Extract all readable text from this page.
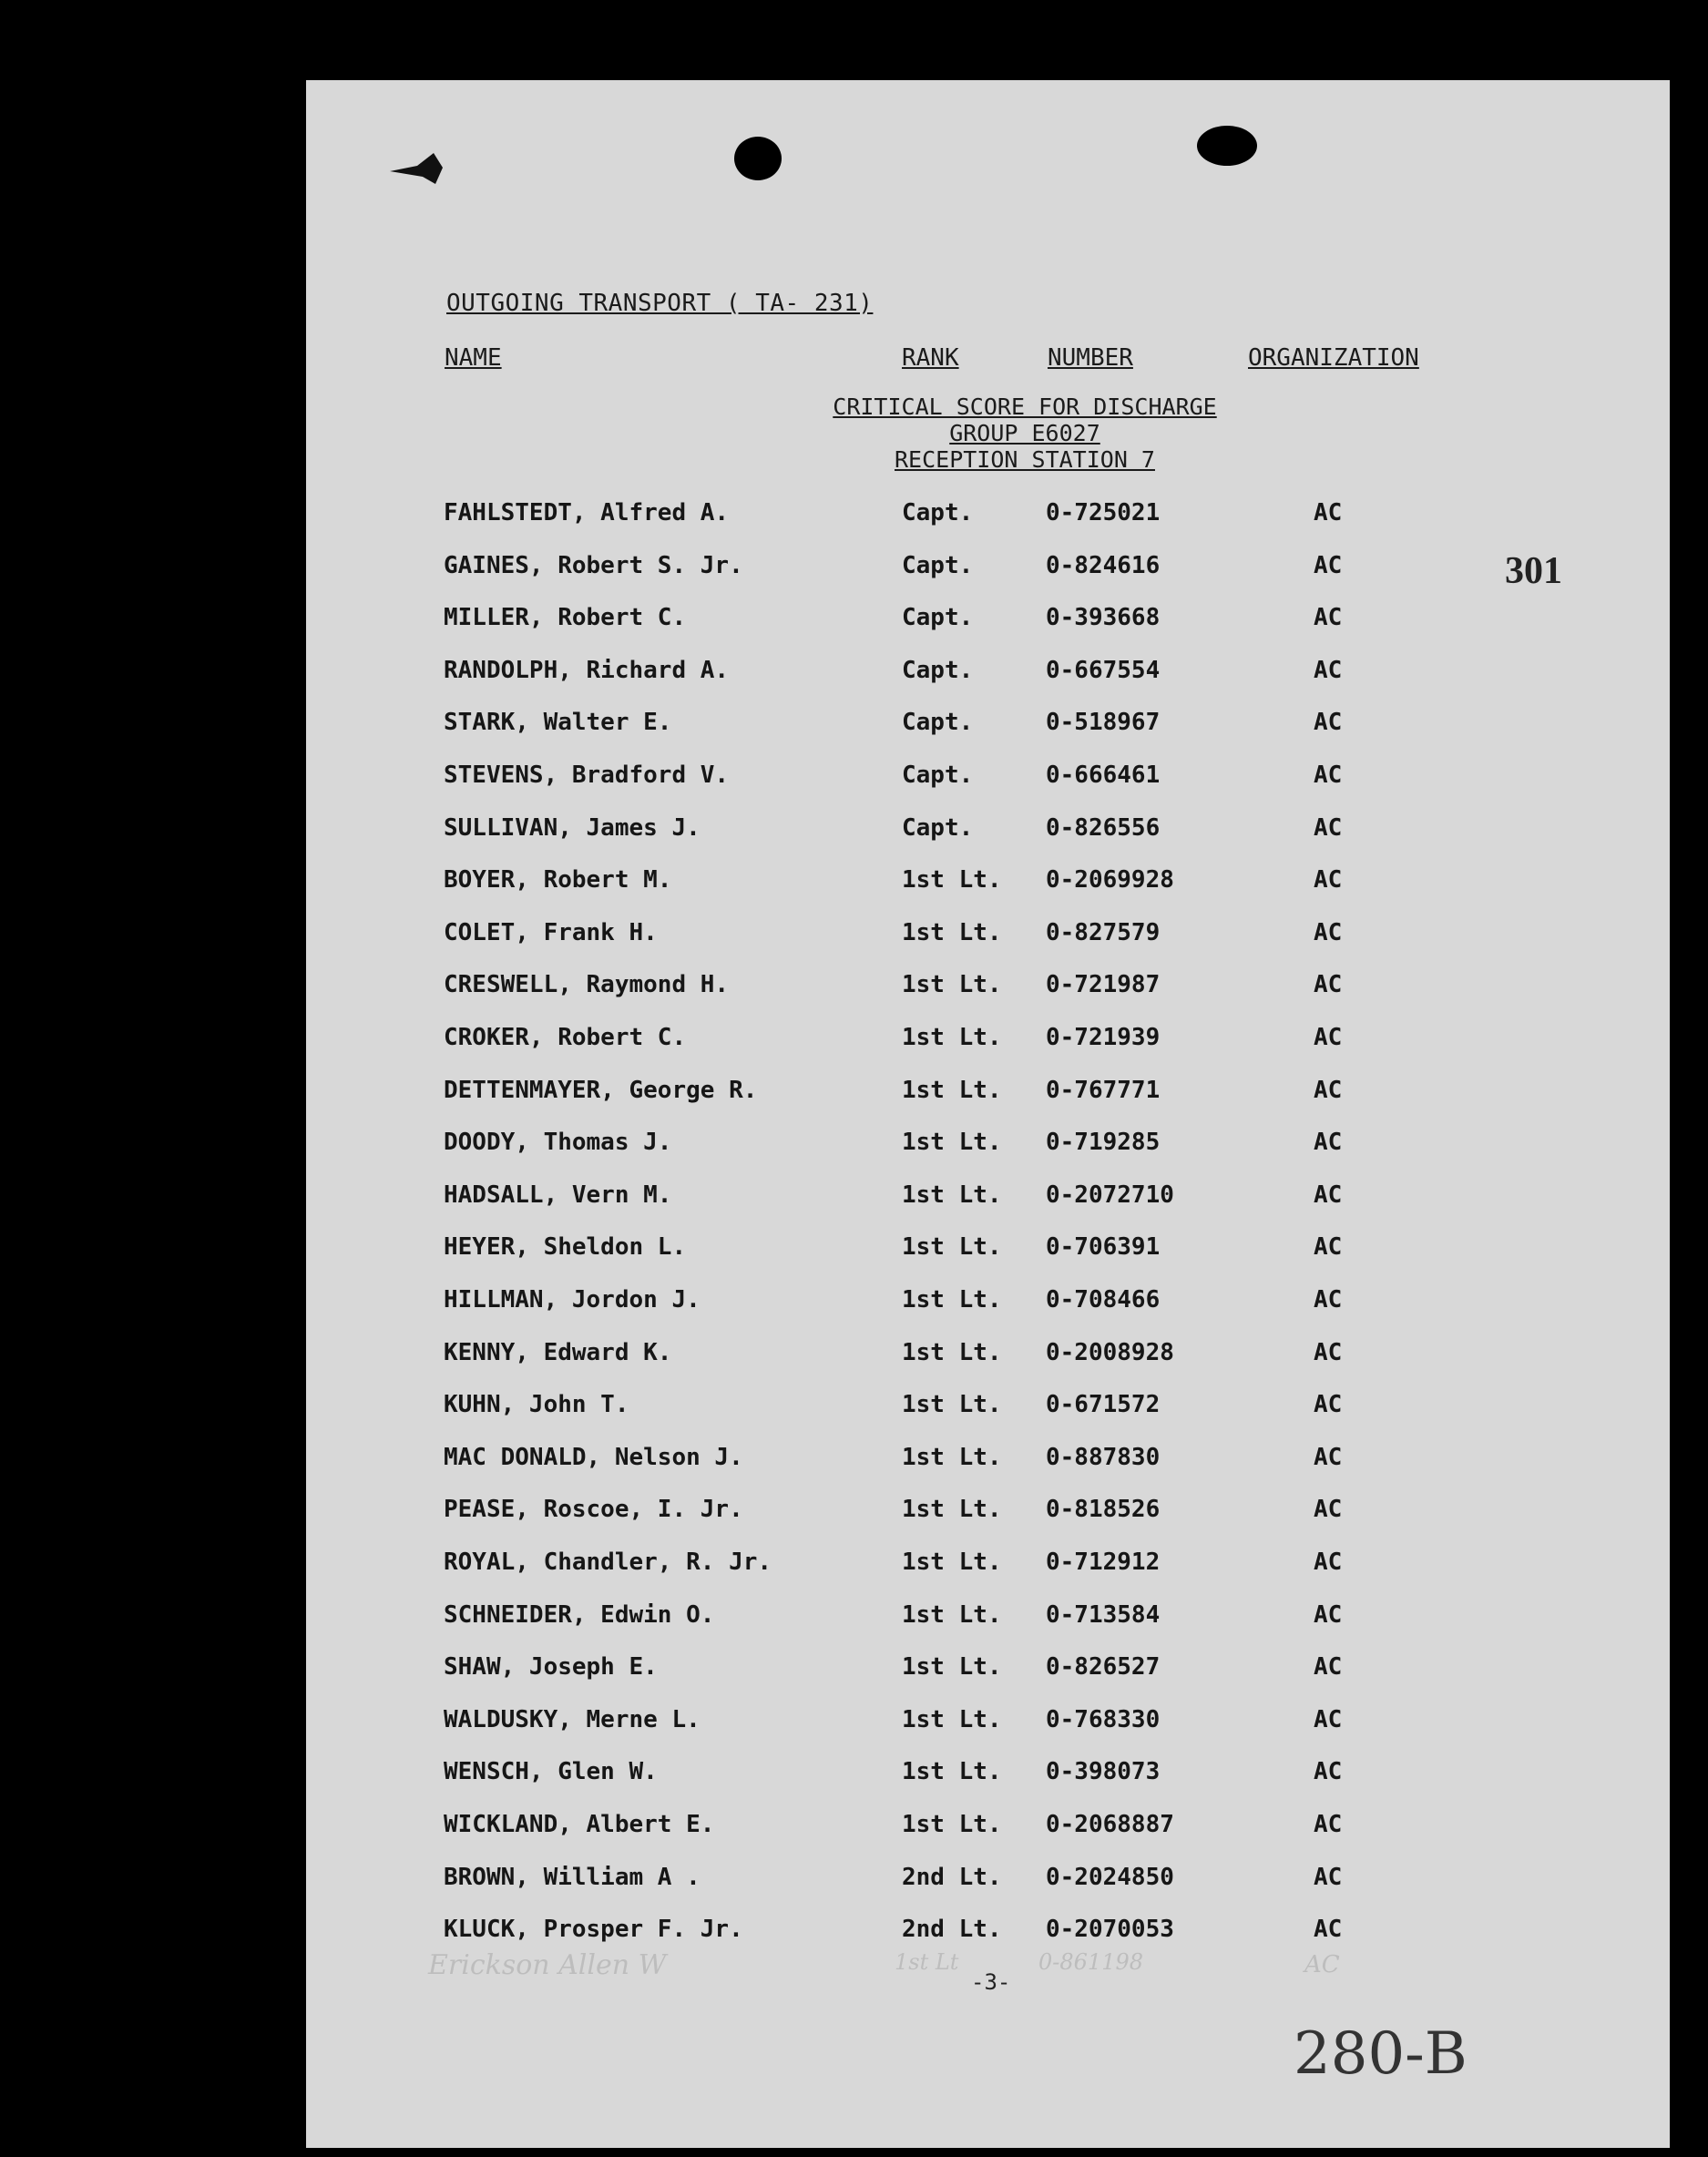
OUTGOING TRANSPORT ( TA- 231)
NAME	RANK	NUMBER	ORGANIZATION
CRITICAL SCORE FOR DISCHARGE
GROUP E6027
RECEPTION STATION 7
301
FAHLSTEDT, Alfred A.	Capt.	0-725021	AC
GAINES, Robert S. Jr.	Capt.	0-824616	AC
MILLER, Robert C.	Capt.	0-393668	AC
RANDOLPH, Richard A.	Capt.	0-667554	AC
STARK, Walter E.	Capt.	0-518967	AC
STEVENS, Bradford V.	Capt.	0-666461	AC
SULLIVAN, James J.	Capt.	0-826556	AC
BOYER, Robert M.	1st Lt. 0-2069928	AC
COLET, Frank H.	1st Lt. 0-827579	AC
CRESWELL, Raymond H.	1st Lt. 0-721987	AC
CROKER, Robert C.	1st Lt. 0-721939	AC
DETTENMAYER, George R.	1st Lt. 0-767771	AC
DOODY, Thomas J.	1st Lt. 0-719285	AC
HADSALL, Vern M.	1st Lt. 0-2072710	AC
HEYER, Sheldon L.	1st Lt. 0-706391	AC
HILLMAN, Jordon J.	1st Lt. 0-708466	AC
KENNY, Edward K.	1st Lt. 0-2008928	AC
KUHN, John T.	1st Lt. 0-671572	AC
MAC DONALD, Nelson J.	1st Lt. 0-887830	AC
PEASE, Roscoe, I. Jr.	1st Lt. 0-818526	AC
ROYAL, Chandler, R. Jr.	1st Lt. 0-712912	AC
SCHNEIDER, Edwin O.	1st Lt. 0-713584	AC
SHAW, Joseph E.	1st Lt. 0-826527	AC
WALDUSKY, Merne L.	1st Lt. 0-768330	AC
WENSCH, Glen W.	1st Lt. 0-398073	AC
WICKLAND, Albert E.	1st Lt. 0-2068887	AC
BROWN, William A .	2nd Lt. 0-2024850	AC
KLUCK, Prosper F. Jr.	2nd Lt. 0-2070053	AC
Erickson Allen W	1st Lt	0-861198	AC
-3-
280-B
